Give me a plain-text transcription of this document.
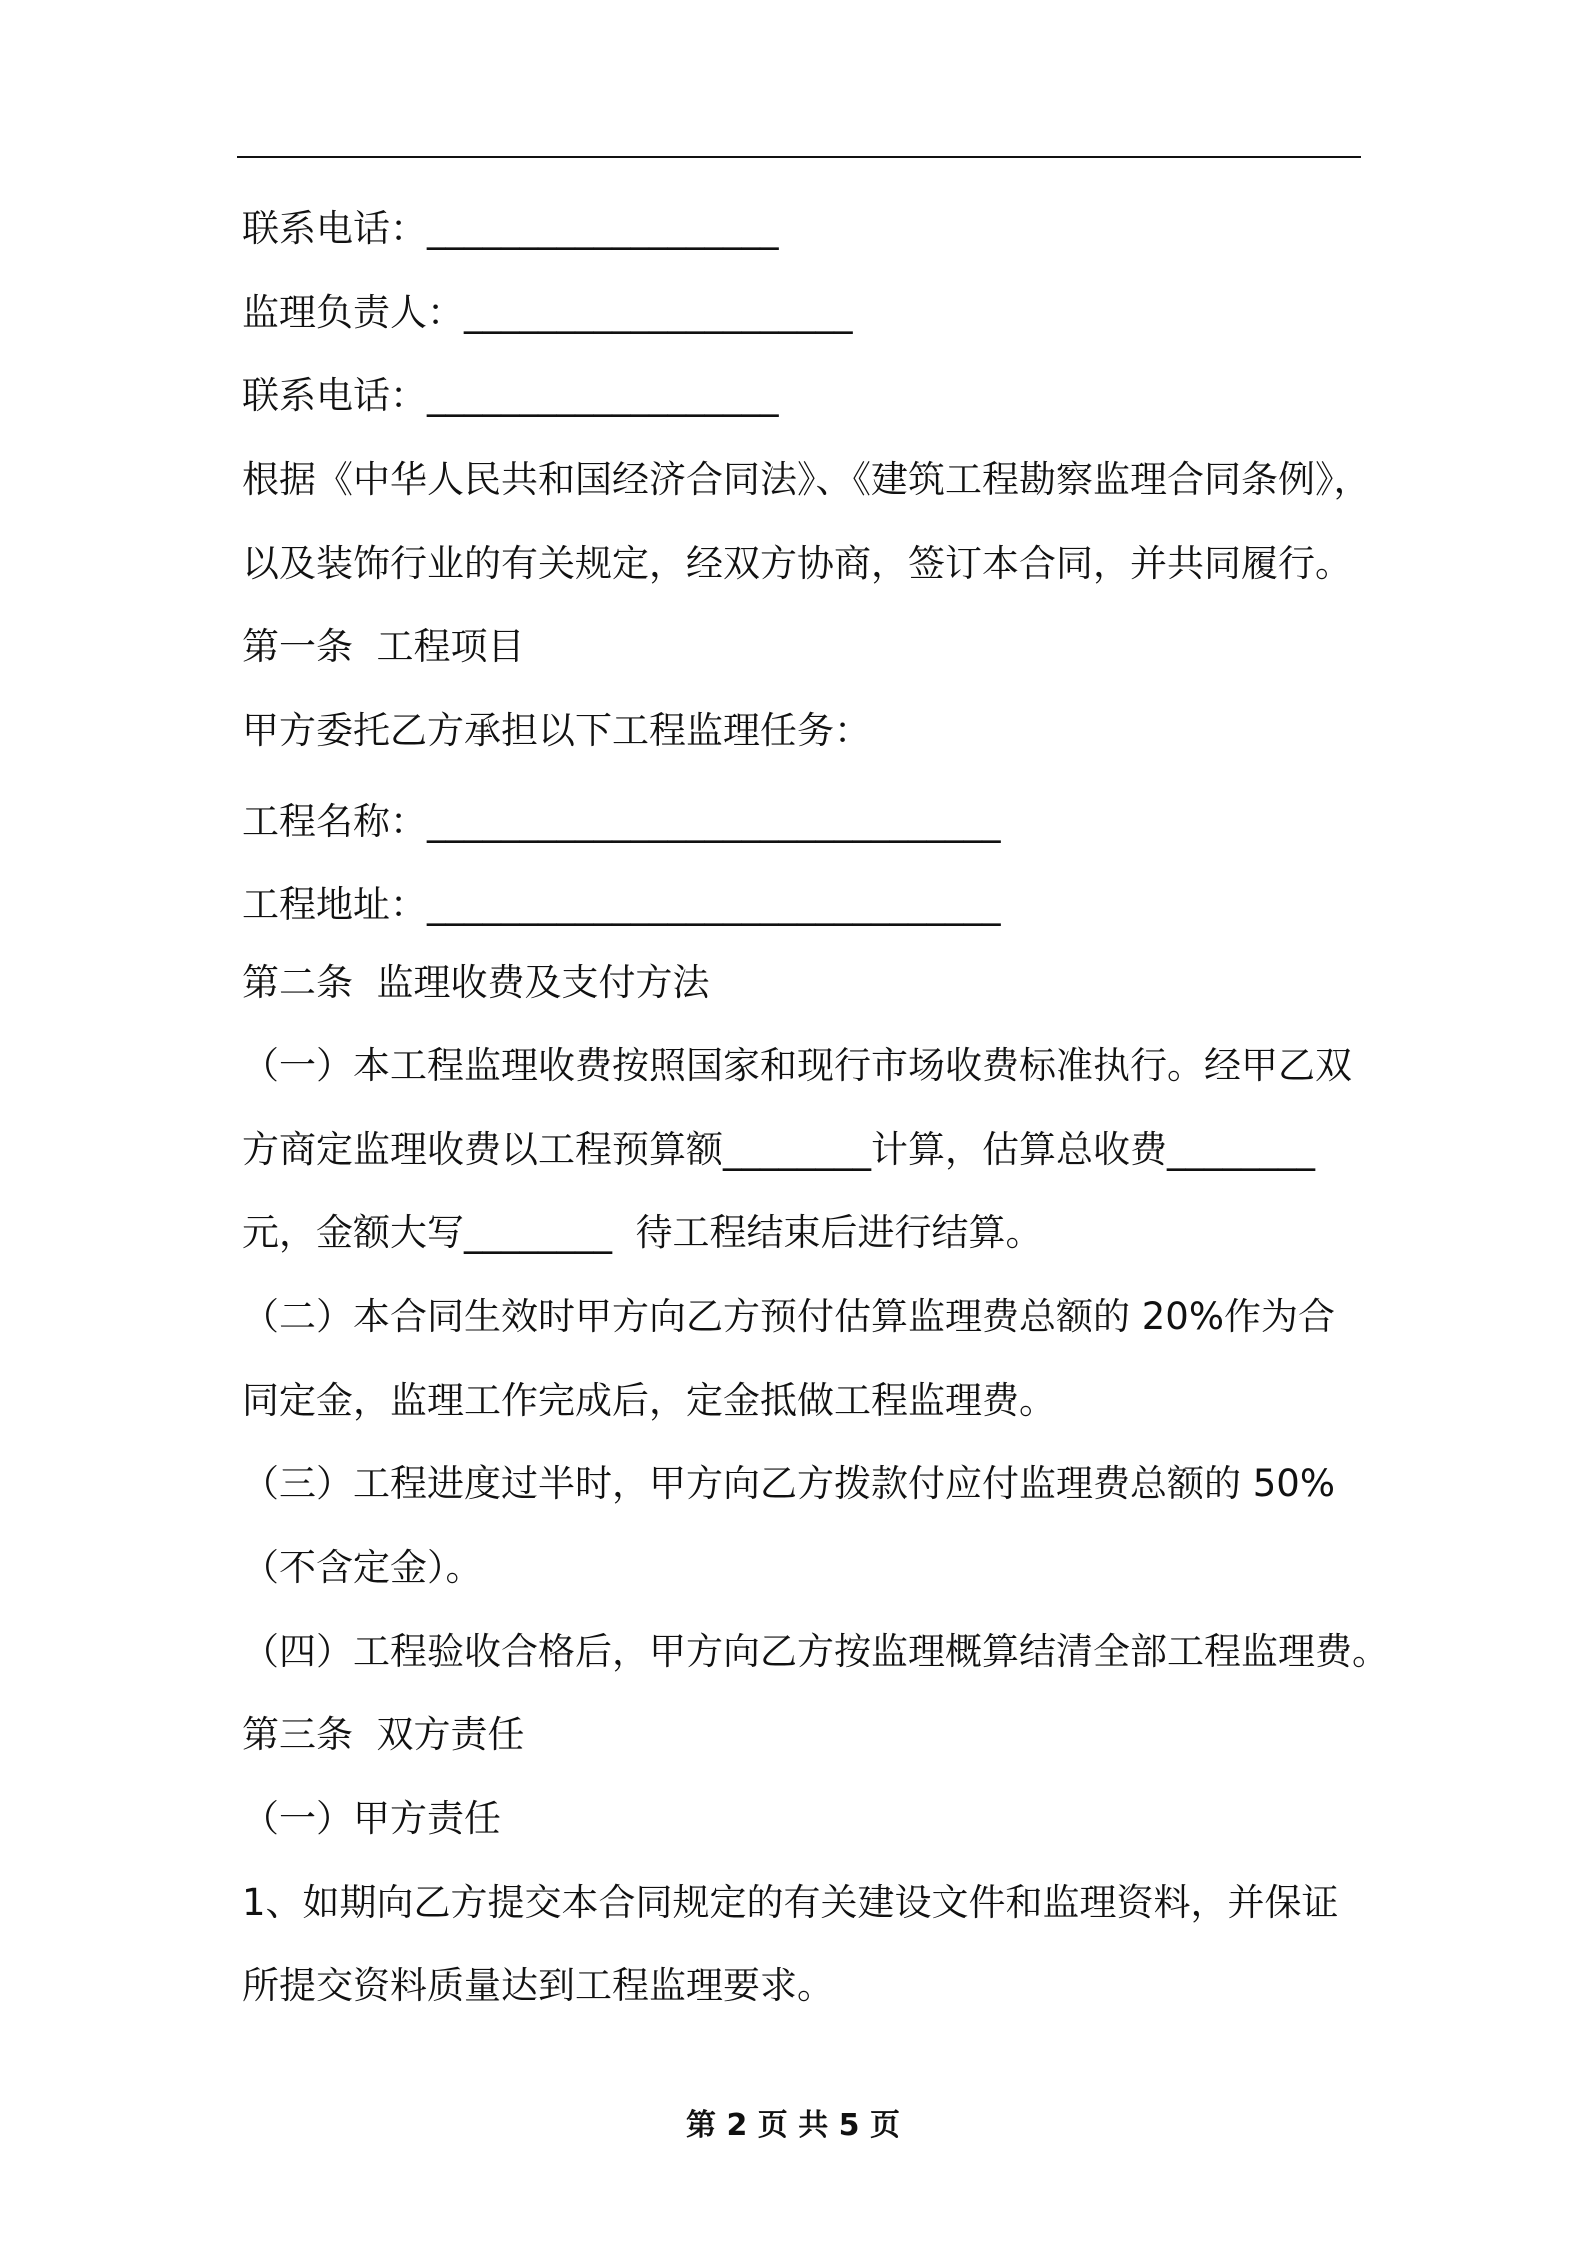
联系电话：___________________
监理负责人：_____________________
联系电话：___________________
根据《中华人民共和国经济合同法》、《建筑工程勘察监理合同条例》，
以及装饰行业的有关规定，经双方协商，签订本合同，并共同履行。
第一条  工程项目
甲方委托乙方承担以下工程监理任务：
工程名称：_______________________________
工程地址：_______________________________
第二条  监理收费及支付方法
（一）本工程监理收费按照国家和现行市场收费标准执行。经甲乙双
方商定监理收费以工程预算额________计算，估算总收费________
元，金额大写________  待工程结束后进行结算。
（二）本合同生效时甲方向乙方预付估算监理费总额的 20%作为合
同定金，监理工作完成后，定金抵做工程监理费。
（三）工程进度过半时，甲方向乙方拨款付应付监理费总额的 50%
（不含定金）。
（四）工程验收合格后，甲方向乙方按监理概算结清全部工程监理费。
第三条  双方责任
（一）甲方责任
1、如期向乙方提交本合同规定的有关建设文件和监理资料，并保证
所提交资料质量达到工程监理要求。
第 2 页 共 5 页
